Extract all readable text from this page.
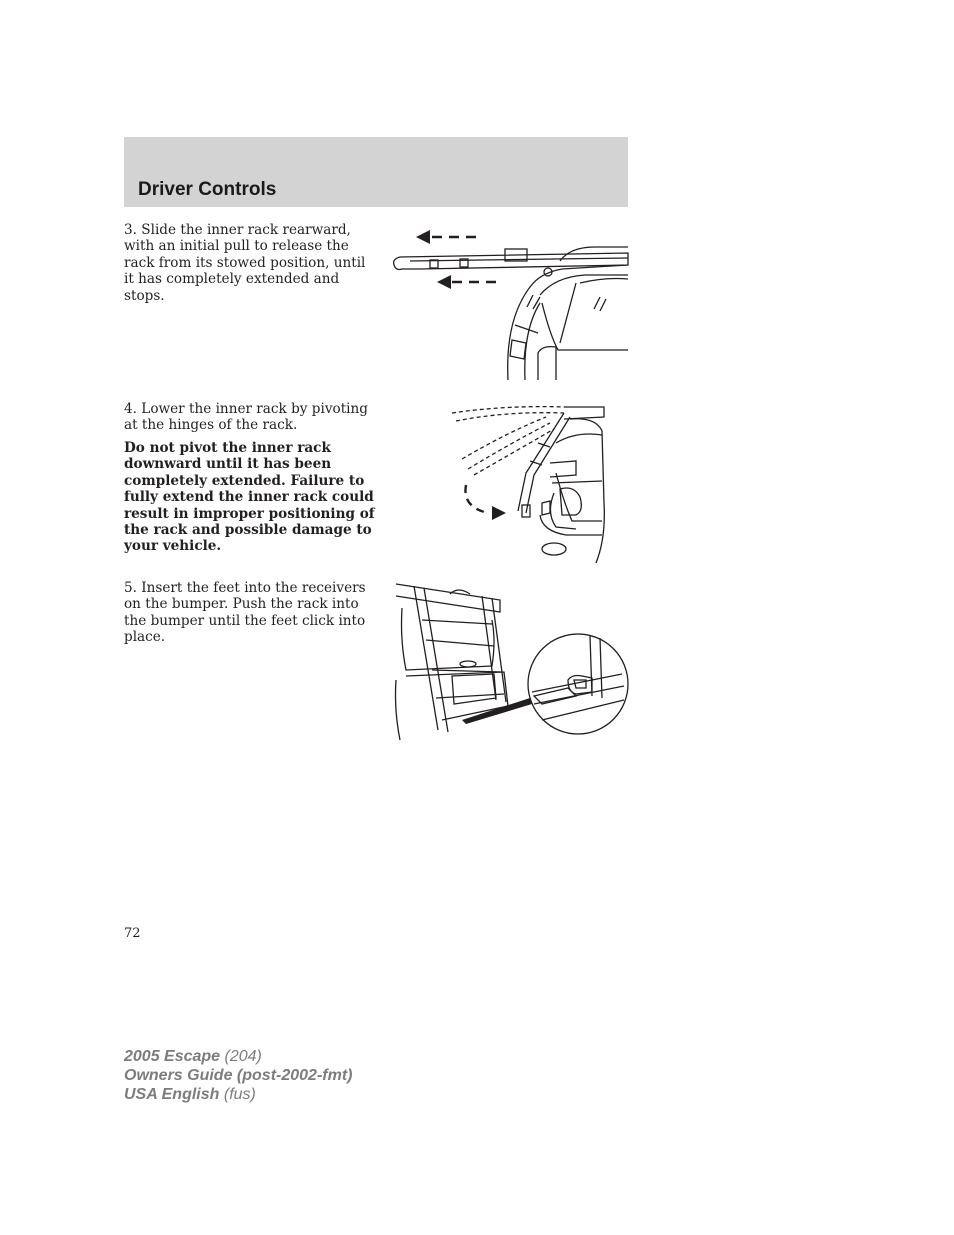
Driver Controls

3. Slide the inner rack rearward, with an initial pull to release the rack from its stowed position, until it has completely extended and stops.

4. Lower the inner rack by pivoting at the hinges of the rack.

Do not pivot the inner rack downward until it has been completely extended. Failure to fully extend the inner rack could result in improper positioning of the rack and possible damage to your vehicle.

5. Insert the feet into the receivers on the bumper. Push the rack into the bumper until the feet click into place.

72
2005 Escape (204)
Owners Guide (post-2002-fmt)
USA English (fus)
